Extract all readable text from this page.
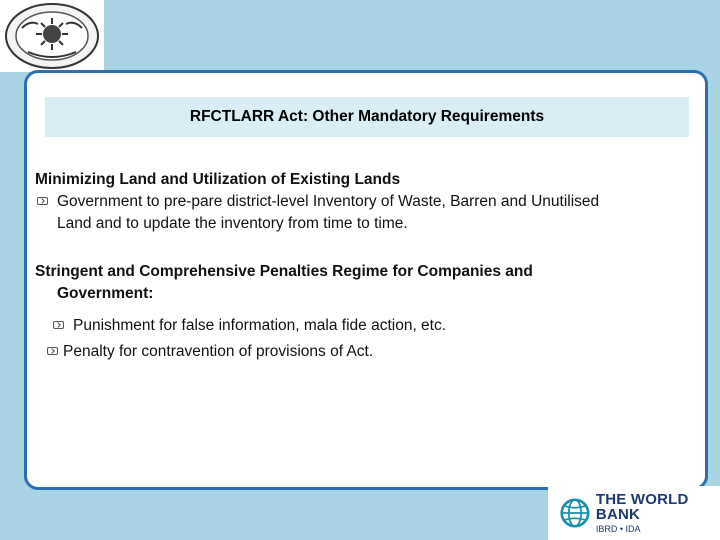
RFCTLARR Act: Other Mandatory Requirements
Minimizing Land and Utilization of Existing Lands
Government to pre-pare district-level Inventory of Waste, Barren and Unutilised
Land and to update the inventory from time to time.
Stringent and Comprehensive Penalties Regime for Companies and
Government:
Punishment for false information, mala fide action, etc.
Penalty for contravention of provisions of Act.
THE WORLD BANK
IBRD • IDA
